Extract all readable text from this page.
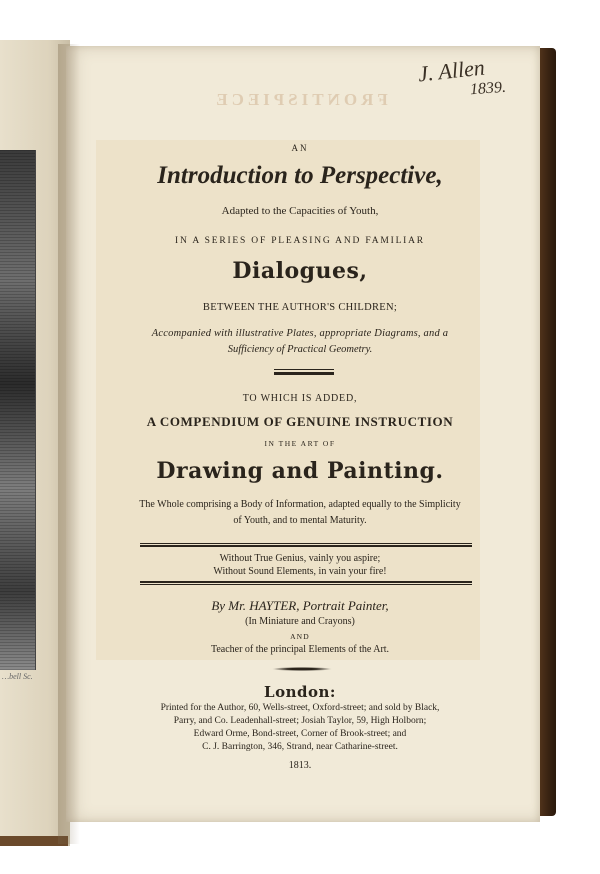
…bell Sc.
FRONTISPIECE
J. Allen
1839.
AN
Introduction to Perspective,
Adapted to the Capacities of Youth,
IN A SERIES OF PLEASING AND FAMILIAR
Dialogues,
BETWEEN THE AUTHOR'S CHILDREN;
Accompanied with illustrative Plates, appropriate Diagrams, and a
Sufficiency of Practical Geometry.
TO WHICH IS ADDED,
A COMPENDIUM OF GENUINE INSTRUCTION
IN THE ART OF
Drawing and Painting.
The Whole comprising a Body of Information, adapted equally to the Simplicity
of Youth, and to mental Maturity.
Without True Genius, vainly you aspire;
Without Sound Elements, in vain your fire!
By Mr. HAYTER, Portrait Painter,
(In Miniature and Crayons)
AND
Teacher of the principal Elements of the Art.
London:
Printed for the Author, 60, Wells-street, Oxford-street; and sold by Black,
Parry, and Co. Leadenhall-street; Josiah Taylor, 59, High Holborn;
Edward Orme, Bond-street, Corner of Brook-street; and
C. J. Barrington, 346, Strand, near Catharine-street.
1813.
